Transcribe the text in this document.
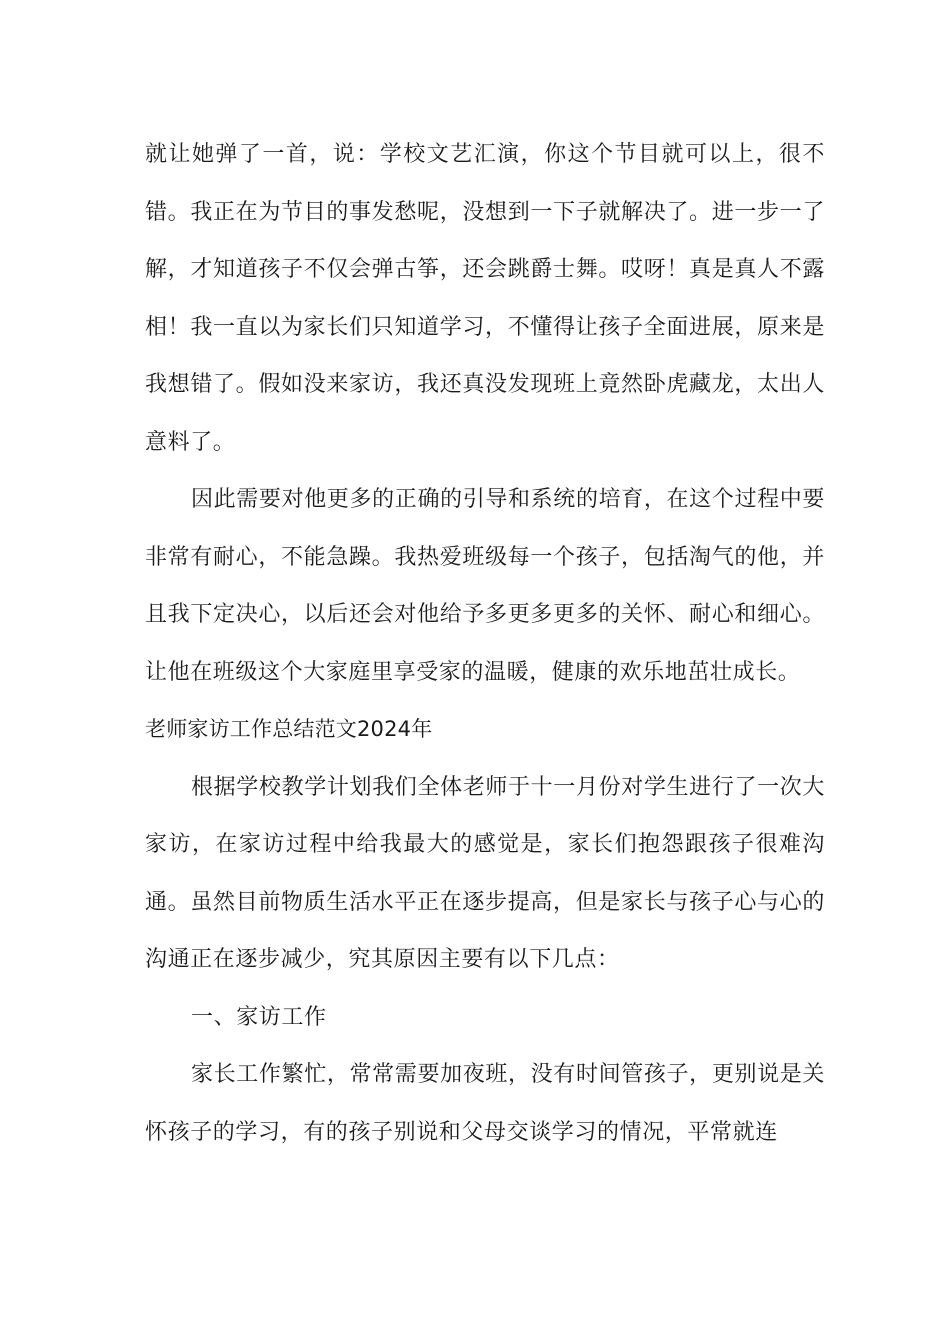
就让她弹了一首，说：学校文艺汇演，你这个节目就可以上，很不错。我正在为节目的事发愁呢，没想到一下子就解决了。进一步一了解，才知道孩子不仅会弹古筝，还会跳爵士舞。哎呀！真是真人不露相！我一直以为家长们只知道学习，不懂得让孩子全面进展，原来是我想错了。假如没来家访，我还真没发现班上竟然卧虎藏龙，太出人意料了。

因此需要对他更多的正确的引导和系统的培育，在这个过程中要非常有耐心，不能急躁。我热爱班级每一个孩子，包括淘气的他，并且我下定决心，以后还会对他给予多更多更多的关怀、耐心和细心。让他在班级这个大家庭里享受家的温暖，健康的欢乐地茁壮成长。

老师家访工作总结范文2024年

根据学校教学计划我们全体老师于十一月份对学生进行了一次大家访，在家访过程中给我最大的感觉是，家长们抱怨跟孩子很难沟通。虽然目前物质生活水平正在逐步提高，但是家长与孩子心与心的沟通正在逐步减少，究其原因主要有以下几点：

一、家访工作

家长工作繁忙，常常需要加夜班，没有时间管孩子，更别说是关怀孩子的学习，有的孩子别说和父母交谈学习的情况，平常就连
